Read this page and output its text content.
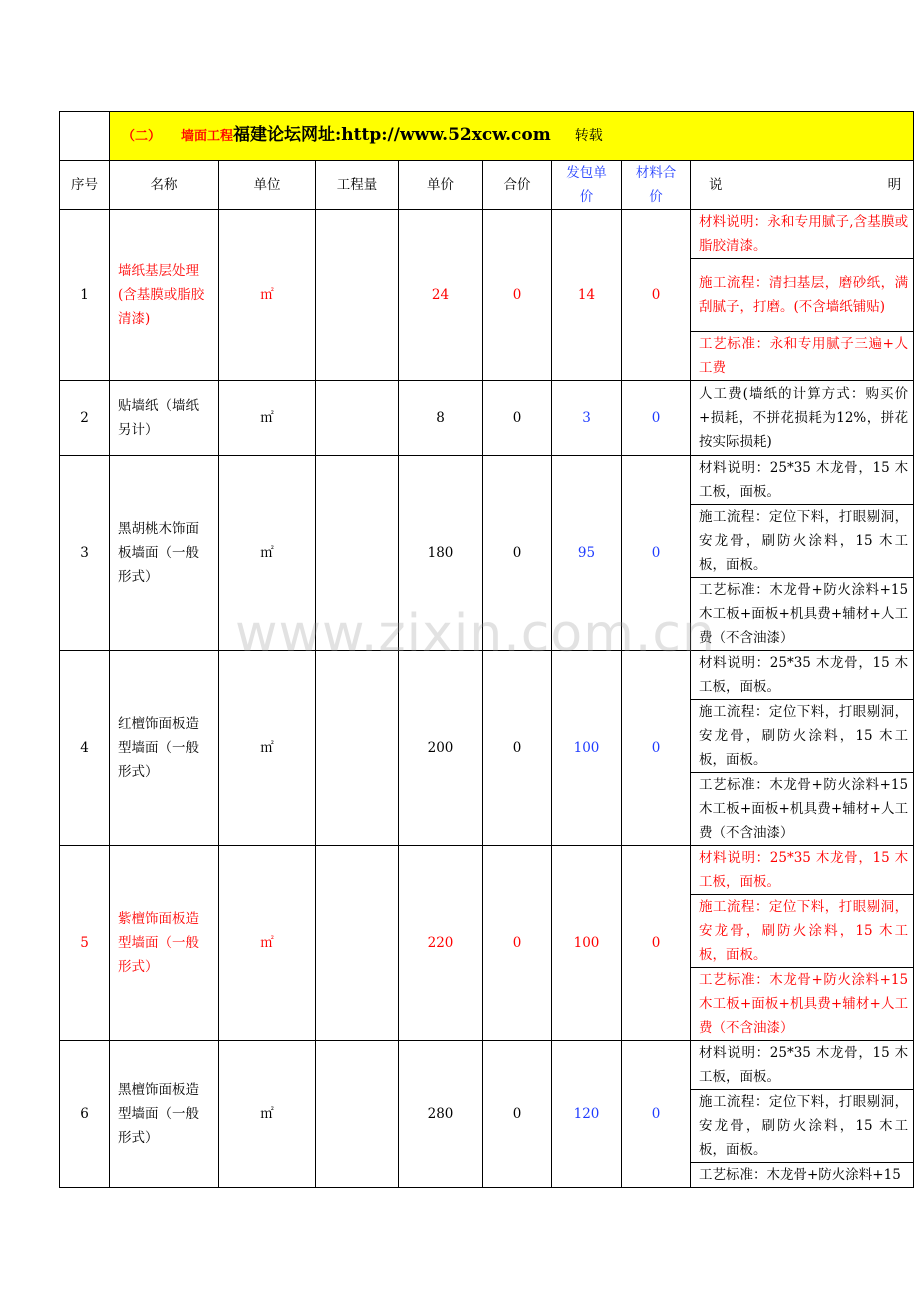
	（二） 墙面工程福建论坛网址:http://www.52xcw.com 转载							
序号	名称	单位	工程量	单价	合价	发包单价	材料合价	说 明

1	墙纸基层处理(含基膜或脂胶清漆)	㎡		24	0	14	0	材料说明：永和专用腻子,含基膜或脂胶清漆。
								施工流程：清扫基层，磨砂纸，满刮腻子，打磨。(不含墙纸铺贴)
								工艺标准：永和专用腻子三遍+人工费
2	贴墙纸（墙纸另计）	㎡		8	0	3	0	人工费(墙纸的计算方式：购买价+损耗，不拼花损耗为12%，拼花按实际损耗)
3	黑胡桃木饰面板墙面（一般形式）	㎡		180	0	95	0	材料说明：25*35 木龙骨，15 木工板，面板。
								施工流程：定位下料，打眼剔洞，安龙骨，刷防火涂料，15 木工板，面板。
								工艺标准：木龙骨+防火涂料+15 木工板+面板+机具费+辅材+人工费（不含油漆）
4	红檀饰面板造型墙面（一般形式）	㎡		200	0	100	0	材料说明：25*35 木龙骨，15 木工板，面板。
								施工流程：定位下料，打眼剔洞，安龙骨，刷防火涂料，15 木工板，面板。
								工艺标准：木龙骨+防火涂料+15 木工板+面板+机具费+辅材+人工费（不含油漆）
5	紫檀饰面板造型墙面（一般形式）	㎡		220	0	100	0	材料说明：25*35 木龙骨，15 木工板，面板。
								施工流程：定位下料，打眼剔洞，安龙骨，刷防火涂料，15 木工板，面板。
								工艺标准：木龙骨+防火涂料+15 木工板+面板+机具费+辅材+人工费（不含油漆）
6	黑檀饰面板造型墙面（一般形式）	㎡		280	0	120	0	材料说明：25*35 木龙骨，15 木工板，面板。
								施工流程：定位下料，打眼剔洞，安龙骨，刷防火涂料，15 木工板，面板。
								工艺标准：木龙骨+防火涂料+15
www.zixin.com.cn
